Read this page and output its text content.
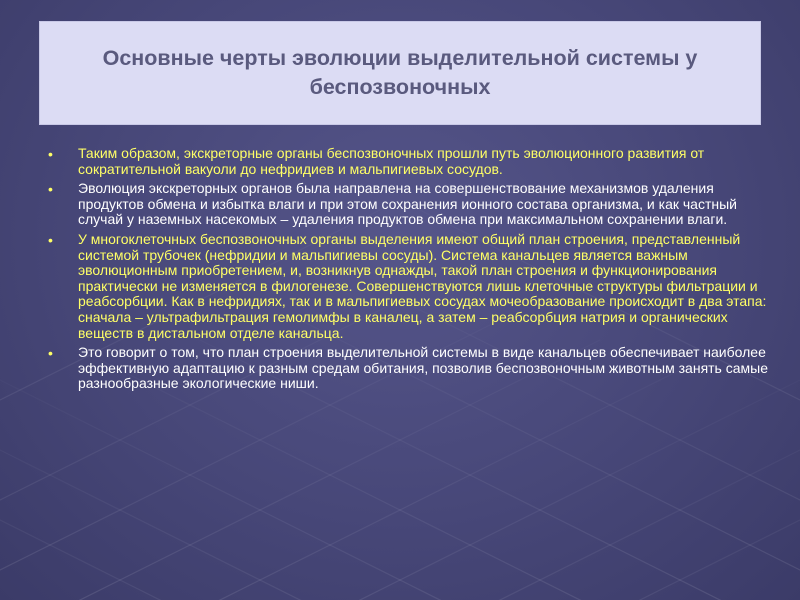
Основные черты эволюции выделительной системы у беспозвоночных
• Таким образом, экскреторные органы беспозвоночных прошли путь эволюционного развития от сократительной вакуоли до нефридиев и мальпигиевых сосудов.
• Эволюция экскреторных органов была направлена на совершенствование механизмов удаления продуктов обмена и избытка влаги и при этом сохранения ионного состава организма, и как частный случай у наземных насекомых – удаления продуктов обмена при максимальном сохранении влаги.
• У многоклеточных беспозвоночных органы выделения имеют общий план строения, представленный системой трубочек (нефридии и мальпигиевы сосуды). Система канальцев является важным эволюционным приобретением, и, возникнув однажды, такой план строения и функционирования практически не изменяется в филогенезе. Совершенствуются лишь клеточные структуры фильтрации и реабсорбции. Как в нефридиях, так и в мальпигиевых сосудах мочеобразование происходит в два этапа: сначала – ультрафильтрация гемолимфы в каналец, а затем – реабсорбция натрия и органических веществ в дистальном отделе канальца.
• Это говорит о том, что план строения выделительной системы в виде канальцев обеспечивает наиболее эффективную адаптацию к разным средам обитания, позволив беспозвоночным животным занять самые разнообразные экологические ниши.
